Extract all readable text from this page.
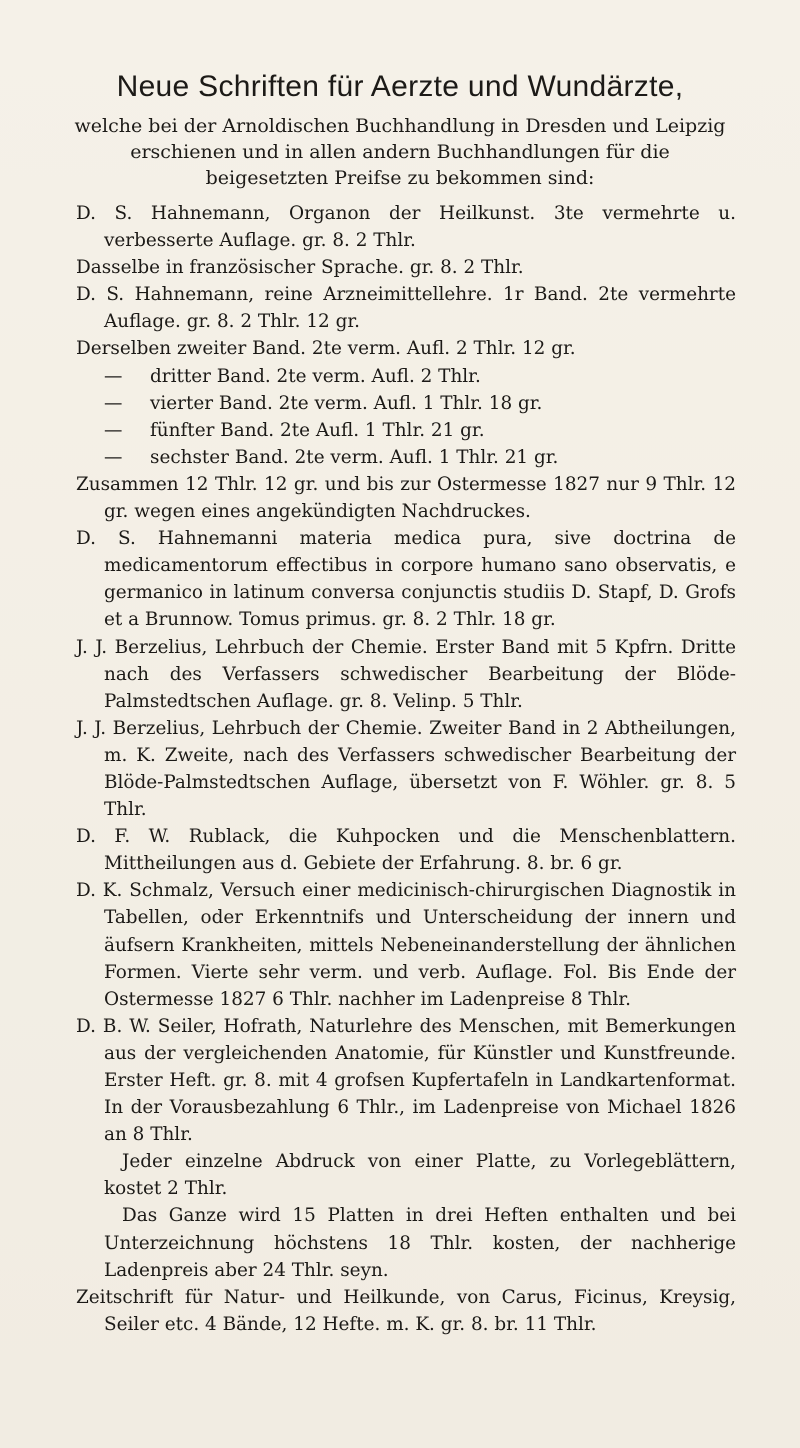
Neue Schriften für Aerzte und Wundärzte,
welche bei der Arnoldischen Buchhandlung in Dresden und Leipzig erschienen und in allen andern Buchhandlungen für die beigesetzten Preifse zu bekommen sind:
D. S. Hahnemann, Organon der Heilkunst. 3te vermehrte u. verbesserte Auflage. gr. 8. 2 Thlr.
Dasselbe in französischer Sprache. gr. 8. 2 Thlr.
D. S. Hahnemann, reine Arzneimittellehre. 1r Band. 2te vermehrte Auflage. gr. 8. 2 Thlr. 12 gr.
Derselben zweiter Band. 2te verm. Aufl. 2 Thlr. 12 gr.
— dritter Band. 2te verm. Aufl. 2 Thlr.
— vierter Band. 2te verm. Aufl. 1 Thlr. 18 gr.
— fünfter Band. 2te Aufl. 1 Thlr. 21 gr.
— sechster Band. 2te verm. Aufl. 1 Thlr. 21 gr.
Zusammen 12 Thlr. 12 gr. und bis zur Ostermesse 1827 nur 9 Thlr. 12 gr. wegen eines angekündigten Nachdruckes.
D. S. Hahnemanni materia medica pura, sive doctrina de medicamentorum effectibus in corpore humano sano observatis, e germanico in latinum conversa conjunctis studiis D. Stapf, D. Grofs et a Brunnow. Tomus primus. gr. 8. 2 Thlr. 18 gr.
J. J. Berzelius, Lehrbuch der Chemie. Erster Band mit 5 Kpfrn. Dritte nach des Verfassers schwedischer Bearbeitung der Blöde-Palmstedtschen Auflage. gr. 8. Velinp. 5 Thlr.
J. J. Berzelius, Lehrbuch der Chemie. Zweiter Band in 2 Abtheilungen, m. K. Zweite, nach des Verfassers schwedischer Bearbeitung der Blöde-Palmstedtschen Auflage, übersetzt von F. Wöhler. gr. 8. 5 Thlr.
D. F. W. Rublack, die Kuhpocken und die Menschenblattern. Mittheilungen aus d. Gebiete der Erfahrung. 8. br. 6 gr.
D. K. Schmalz, Versuch einer medicinisch-chirurgischen Diagnostik in Tabellen, oder Erkenntnifs und Unterscheidung der innern und äufsern Krankheiten, mittels Nebeneinanderstellung der ähnlichen Formen. Vierte sehr verm. und verb. Auflage. Fol. Bis Ende der Ostermesse 1827 6 Thlr. nachher im Ladenpreise 8 Thlr.
D. B. W. Seiler, Hofrath, Naturlehre des Menschen, mit Bemerkungen aus der vergleichenden Anatomie, für Künstler und Kunstfreunde. Erster Heft. gr. 8. mit 4 grofsen Kupfertafeln in Landkartenformat. In der Vorausbezahlung 6 Thlr., im Ladenpreise von Michael 1826 an 8 Thlr.
Jeder einzelne Abdruck von einer Platte, zu Vorlegeblättern, kostet 2 Thlr.
Das Ganze wird 15 Platten in drei Heften enthalten und bei Unterzeichnung höchstens 18 Thlr. kosten, der nachherige Ladenpreis aber 24 Thlr. seyn.
Zeitschrift für Natur- und Heilkunde, von Carus, Ficinus, Kreysig, Seiler etc. 4 Bände, 12 Hefte. m. K. gr. 8. br. 11 Thlr.
